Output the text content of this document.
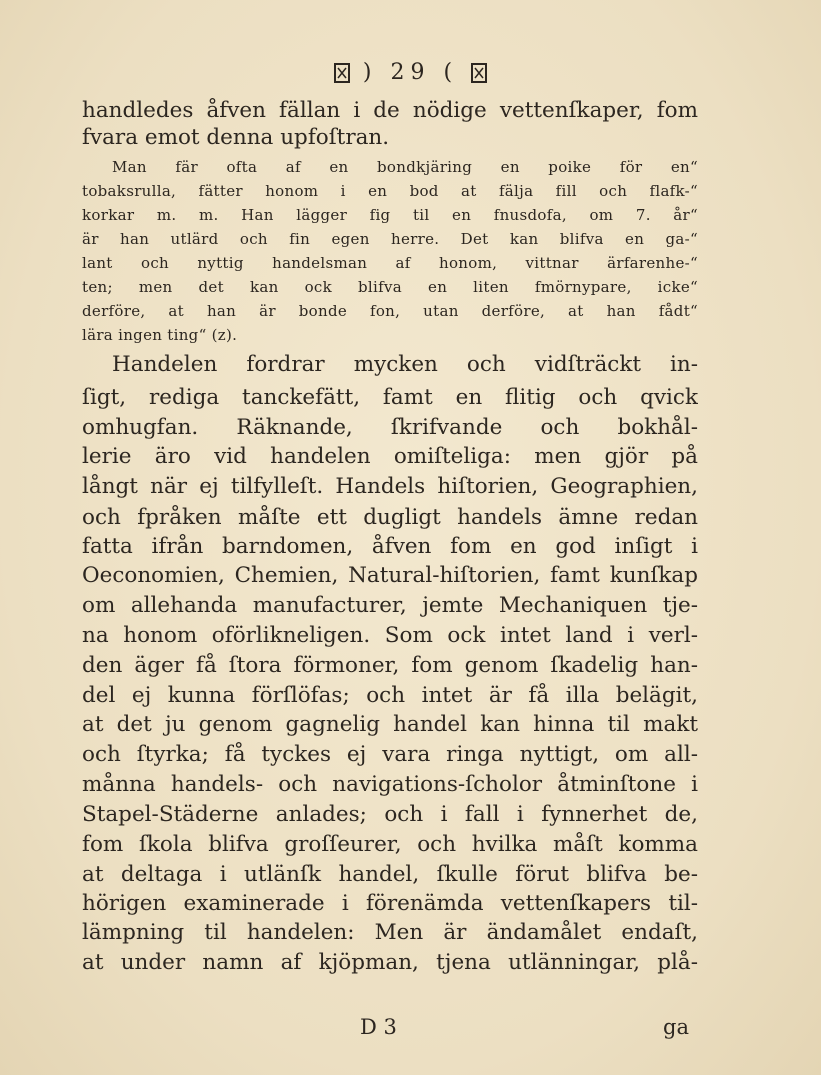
) 29 (
handledes åfven fällan i de nödige vettenſkaper, fom
fvara emot denna upfoſtran.
Man fär ofta af en bondkjäring en poike för en“
tobaksrulla, fätter honom i en bod at fälja fill och flafk-“
korkar m. m. Han lägger fig til en fnusdofa, om 7. år“
är han utlärd och fin egen herre. Det kan blifva en ga-“
lant och nyttig handelsman af honom, vittnar ärfarenhe-“
ten; men det kan ock blifva en liten fmörnypare, icke“
derföre, at han är bonde fon, utan derföre, at han fådt“
lära ingen ting“ (z).
Handelen fordrar mycken och vidſträckt in-
ſigt, rediga tanckefätt, famt en flitig och qvick
omhugfan. Räknande, ſkrifvande och bokhål-
lerie äro vid handelen omiſteliga: men gjör på
långt när ej tilfylleſt. Handels hiſtorien, Geographien,
och fpråken måſte ett dugligt handels ämne redan
fatta ifrån barndomen, åfven fom en god inſigt i
Oeconomien, Chemien, Natural-hiſtorien, famt kunſkap
om allehanda manufacturer, jemte Mechaniquen tje-
na honom oförlikneligen. Som ock intet land i verl-
den äger få ſtora förmoner, fom genom ſkadelig han-
del ej kunna förſlöfas; och intet är få illa belägit,
at det ju genom gagnelig handel kan hinna til makt
och ſtyrka; få tyckes ej vara ringa nyttigt, om all-
månna handels- och navigations-ſcholor åtminſtone i
Stapel-Städerne anlades; och i fall i fynnerhet de,
fom ſkola blifva groſſeurer, och hvilka måſt komma
at deltaga i utlänſk handel, ſkulle förut blifva be-
hörigen examinerade i förenämda vettenſkapers til-
lämpning til handelen: Men är ändamålet endaſt,
at under namn af kjöpman, tjena utlänningar, plå-
D 3	ga
